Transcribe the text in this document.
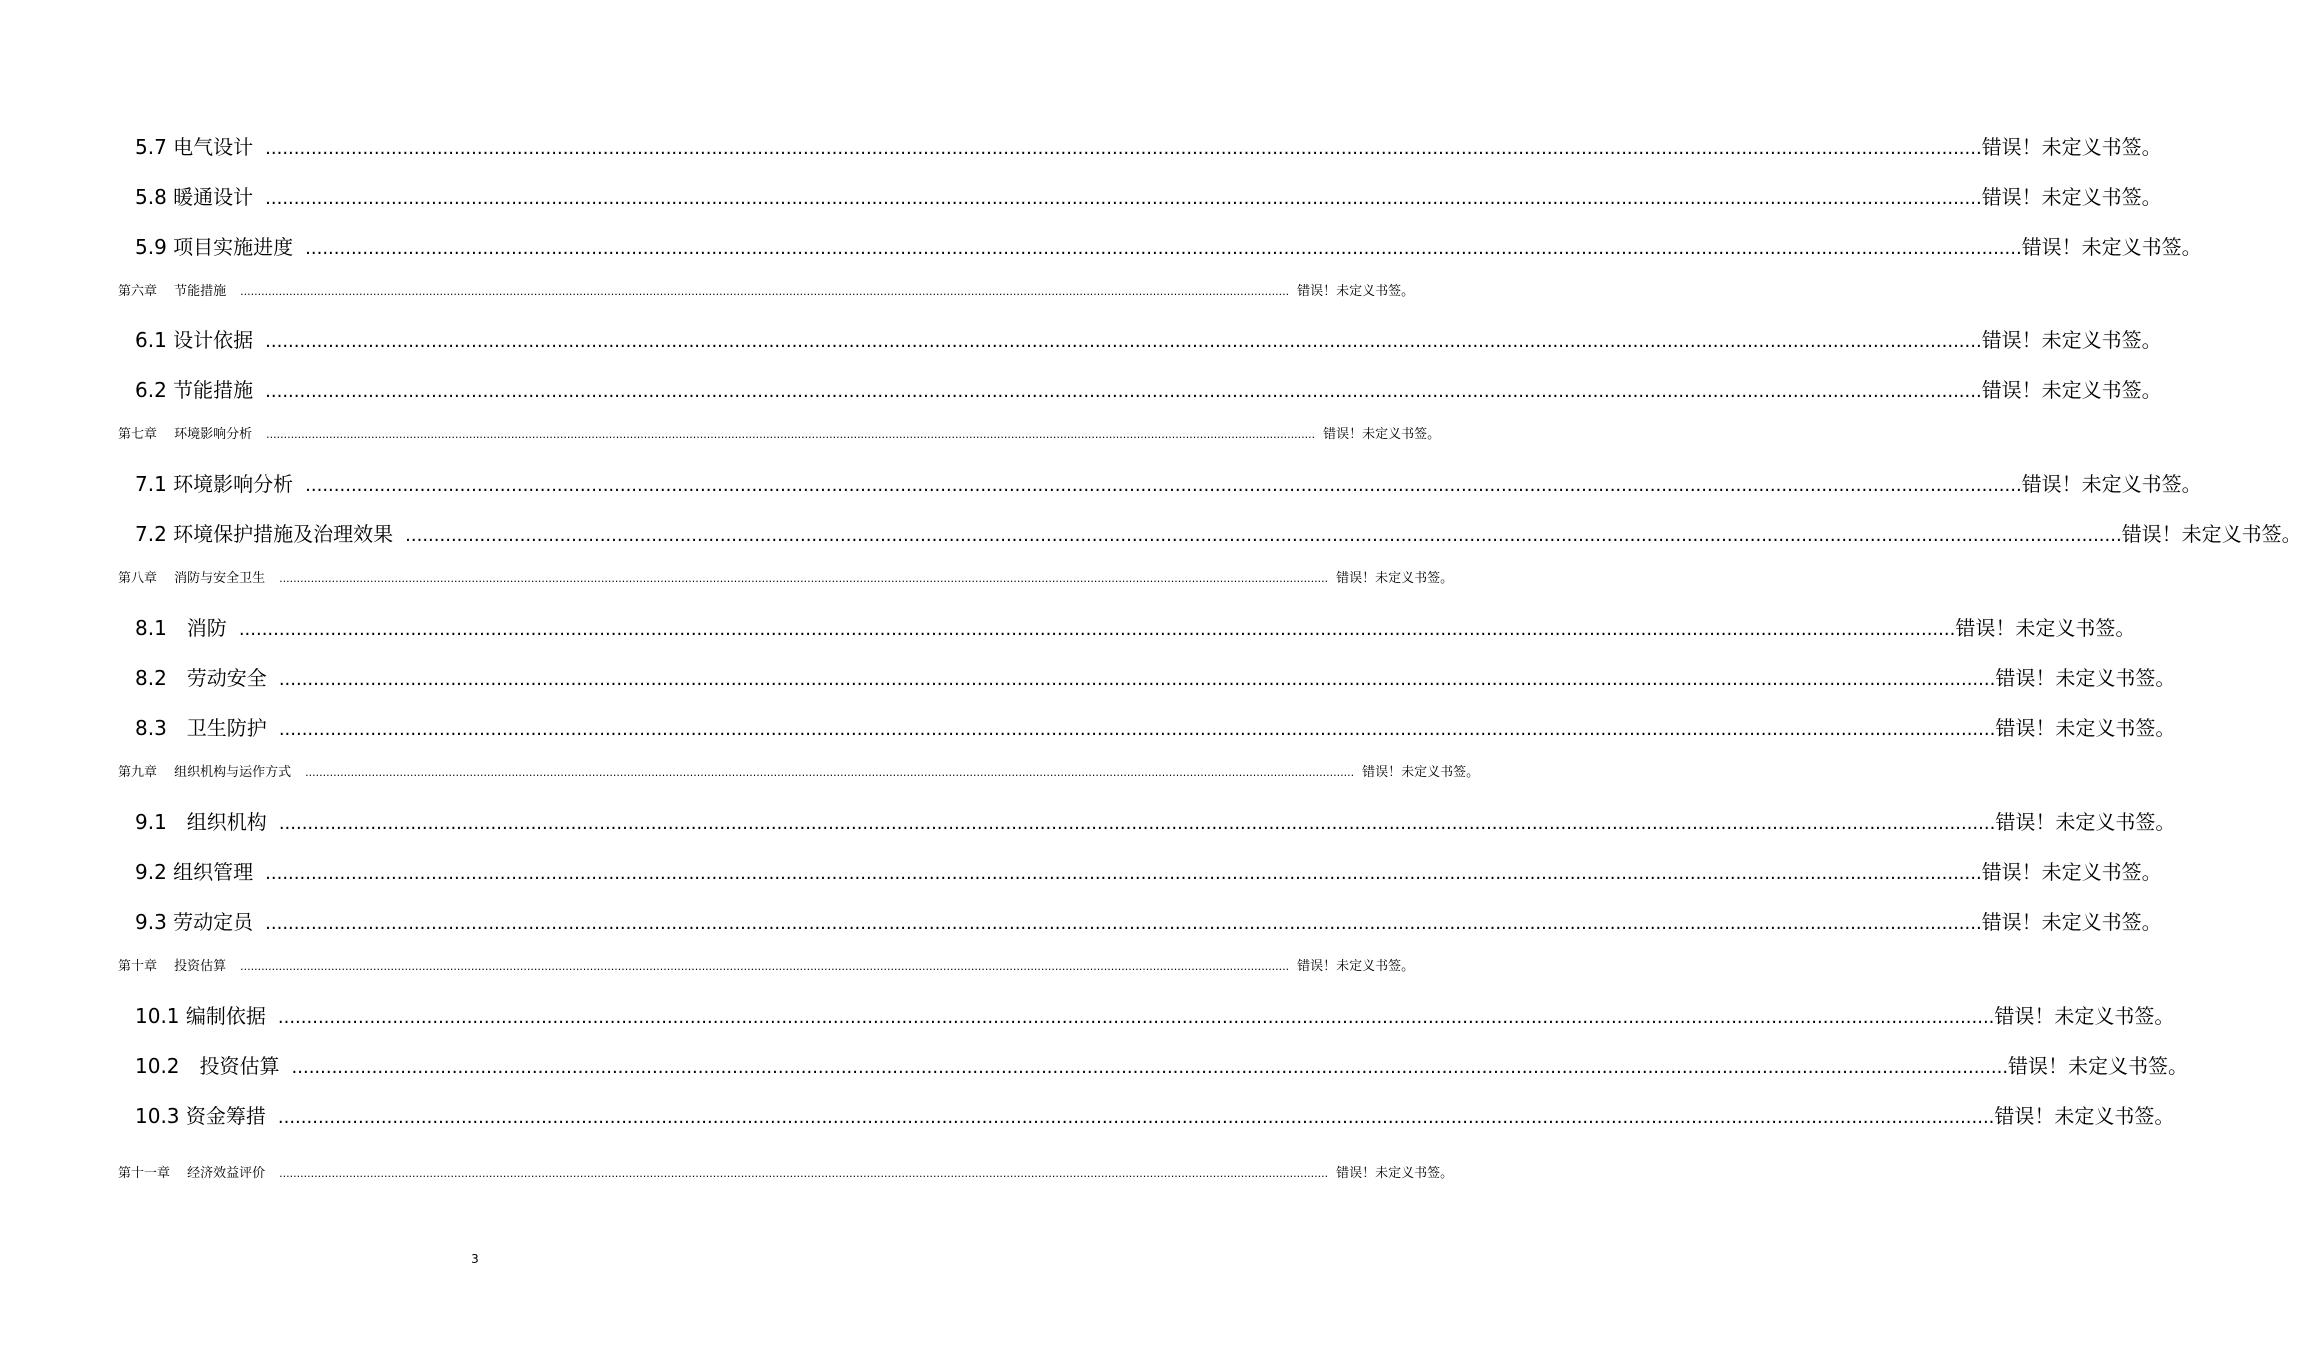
5.7 电气设计 ............................................................................................................................................................................................................................................................................................................ 错误！未定义书签。
5.8 暖通设计 ............................................................................................................................................................................................................................................................................................................ 错误！未定义书签。
5.9 项目实施进度 ............................................................................................................................................................................................................................................................................................................ 错误！未定义书签。
第六章　 节能措施 ............................................................................................................................................................................................................................................................................................................ 错误！未定义书签。
6.1 设计依据 ............................................................................................................................................................................................................................................................................................................ 错误！未定义书签。
6.2 节能措施 ............................................................................................................................................................................................................................................................................................................ 错误！未定义书签。
第七章　 环境影响分析 ............................................................................................................................................................................................................................................................................................................ 错误！未定义书签。
7.1 环境影响分析 ............................................................................................................................................................................................................................................................................................................ 错误！未定义书签。
7.2 环境保护措施及治理效果 ............................................................................................................................................................................................................................................................................................................ 错误！未定义书签。
第八章　 消防与安全卫生 ............................................................................................................................................................................................................................................................................................................ 错误！未定义书签。
8.1　消防 ............................................................................................................................................................................................................................................................................................................ 错误！未定义书签。
8.2　劳动安全 ............................................................................................................................................................................................................................................................................................................ 错误！未定义书签。
8.3　卫生防护 ............................................................................................................................................................................................................................................................................................................ 错误！未定义书签。
第九章　 组织机构与运作方式 ............................................................................................................................................................................................................................................................................................................ 错误！未定义书签。
9.1　组织机构 ............................................................................................................................................................................................................................................................................................................ 错误！未定义书签。
9.2 组织管理 ............................................................................................................................................................................................................................................................................................................ 错误！未定义书签。
9.3 劳动定员 ............................................................................................................................................................................................................................................................................................................ 错误！未定义书签。
第十章　 投资估算 ............................................................................................................................................................................................................................................................................................................ 错误！未定义书签。
10.1 编制依据 ............................................................................................................................................................................................................................................................................................................ 错误！未定义书签。
10.2　投资估算 ............................................................................................................................................................................................................................................................................................................ 错误！未定义书签。
10.3 资金筹措 ............................................................................................................................................................................................................................................................................................................ 错误！未定义书签。
第十一章　 经济效益评价 ............................................................................................................................................................................................................................................................................................................ 错误！未定义书签。
3
